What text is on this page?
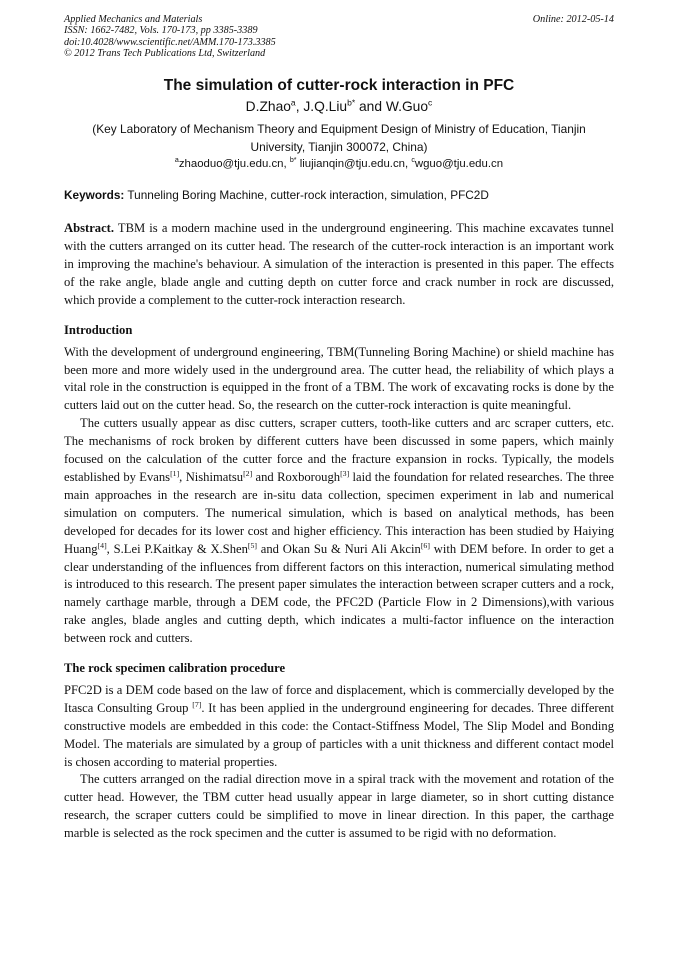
Applied Mechanics and Materials	Online: 2012-05-14
ISSN: 1662-7482, Vols. 170-173, pp 3385-3389
doi:10.4028/www.scientific.net/AMM.170-173.3385
© 2012 Trans Tech Publications Ltd, Switzerland
The simulation of cutter-rock interaction in PFC
D.Zhao$^a$, J.Q.Liu$^{b*}$ and W.Guo$^c$
(Key Laboratory of Mechanism Theory and Equipment Design of Ministry of Education, Tianjin University, Tianjin 300072, China)
$^a$zhaoduo@tju.edu.cn, $^{b*}$ liujianqin@tju.edu.cn, $^c$wguo@tju.edu.cn
Keywords: Tunneling Boring Machine, cutter-rock interaction, simulation, PFC2D
Abstract. TBM is a modern machine used in the underground engineering. This machine excavates tunnel with the cutters arranged on its cutter head. The research of the cutter-rock interaction is an important work in improving the machine's behaviour. A simulation of the interaction is presented in this paper. The effects of the rake angle, blade angle and cutting depth on cutter force and crack number in rock are discussed, which provide a complement to the cutter-rock interaction research.
Introduction

With the development of underground engineering, TBM(Tunneling Boring Machine) or shield machine has been more and more widely used in the underground area. The cutter head, the reliability of which plays a vital role in the construction is equipped in the front of a TBM. The work of excavating rocks is done by the cutters laid out on the cutter head. So, the research on the cutter-rock interaction is quite meaningful.

The cutters usually appear as disc cutters, scraper cutters, tooth-like cutters and arc scraper cutters, etc. The mechanisms of rock broken by different cutters have been discussed in some papers, which mainly focused on the calculation of the cutter force and the fracture expansion in rocks. Typically, the models established by Evans[1], Nishimatsu[2] and Roxborough[3] laid the foundation for related researches. The three main approaches in the research are in-situ data collection, specimen experiment in lab and numerical simulation on computers. The numerical simulation, which is based on analytical methods, has been developed for decades for its lower cost and higher efficiency. This interaction has been studied by Haiying Huang[4], S.Lei P.Kaitkay & X.Shen[5] and Okan Su & Nuri Ali Akcin[6] with DEM before. In order to get a clear understanding of the influences from different factors on this interaction, numerical simulating method is introduced to this research. The present paper simulates the interaction between scraper cutters and a rock, namely carthage marble, through a DEM code, the PFC2D (Particle Flow in 2 Dimensions),with various rake angles, blade angles and cutting depth, which indicates a multi-factor influence on the interaction between rock and cutters.

The rock specimen calibration procedure

PFC2D is a DEM code based on the law of force and displacement, which is commercially developed by the Itasca Consulting Group [7]. It has been applied in the underground engineering for decades. Three different constructive models are embedded in this code: the Contact-Stiffness Model, The Slip Model and Bonding Model. The materials are simulated by a group of particles with a unit thickness and different contact model is chosen according to material properties.

The cutters arranged on the radial direction move in a spiral track with the movement and rotation of the cutter head. However, the TBM cutter head usually appear in large diameter, so in short cutting distance research, the scraper cutters could be simplified to move in linear direction. In this paper, the carthage marble is selected as the rock specimen and the cutter is assumed to be rigid with no deformation.
